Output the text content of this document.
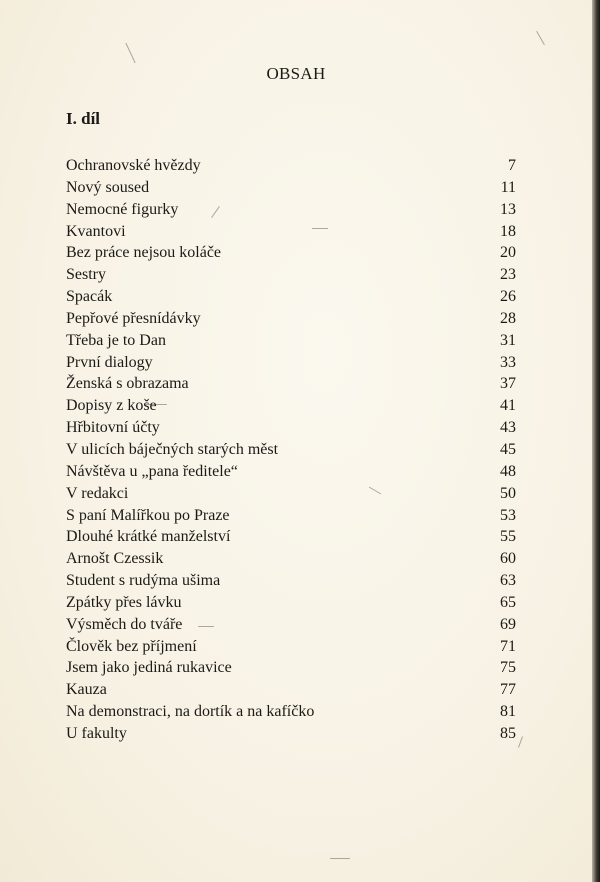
OBSAH
I. díl
Ochranovské hvězdy	7
Nový soused	11
Nemocné figurky	13
Kvantovi	18
Bez práce nejsou koláče	20
Sestry	23
Spacák	26
Pepřové přesnídávky	28
Třeba je to Dan	31
První dialogy	33
Ženská s obrazama	37
Dopisy z koše	41
Hřbitovní účty	43
V ulicích báječných starých měst	45
Návštěva u „pana ředitele“	48
V redakci	50
S paní Malířkou po Praze	53
Dlouhé krátké manželství	55
Arnošt Czessik	60
Student s rudýma ušima	63
Zpátky přes lávku	65
Výsměch do tváře	69
Člověk bez příjmení	71
Jsem jako jediná rukavice	75
Kauza	77
Na demonstraci, na dortík a na kafíčko	81
U fakulty	85
